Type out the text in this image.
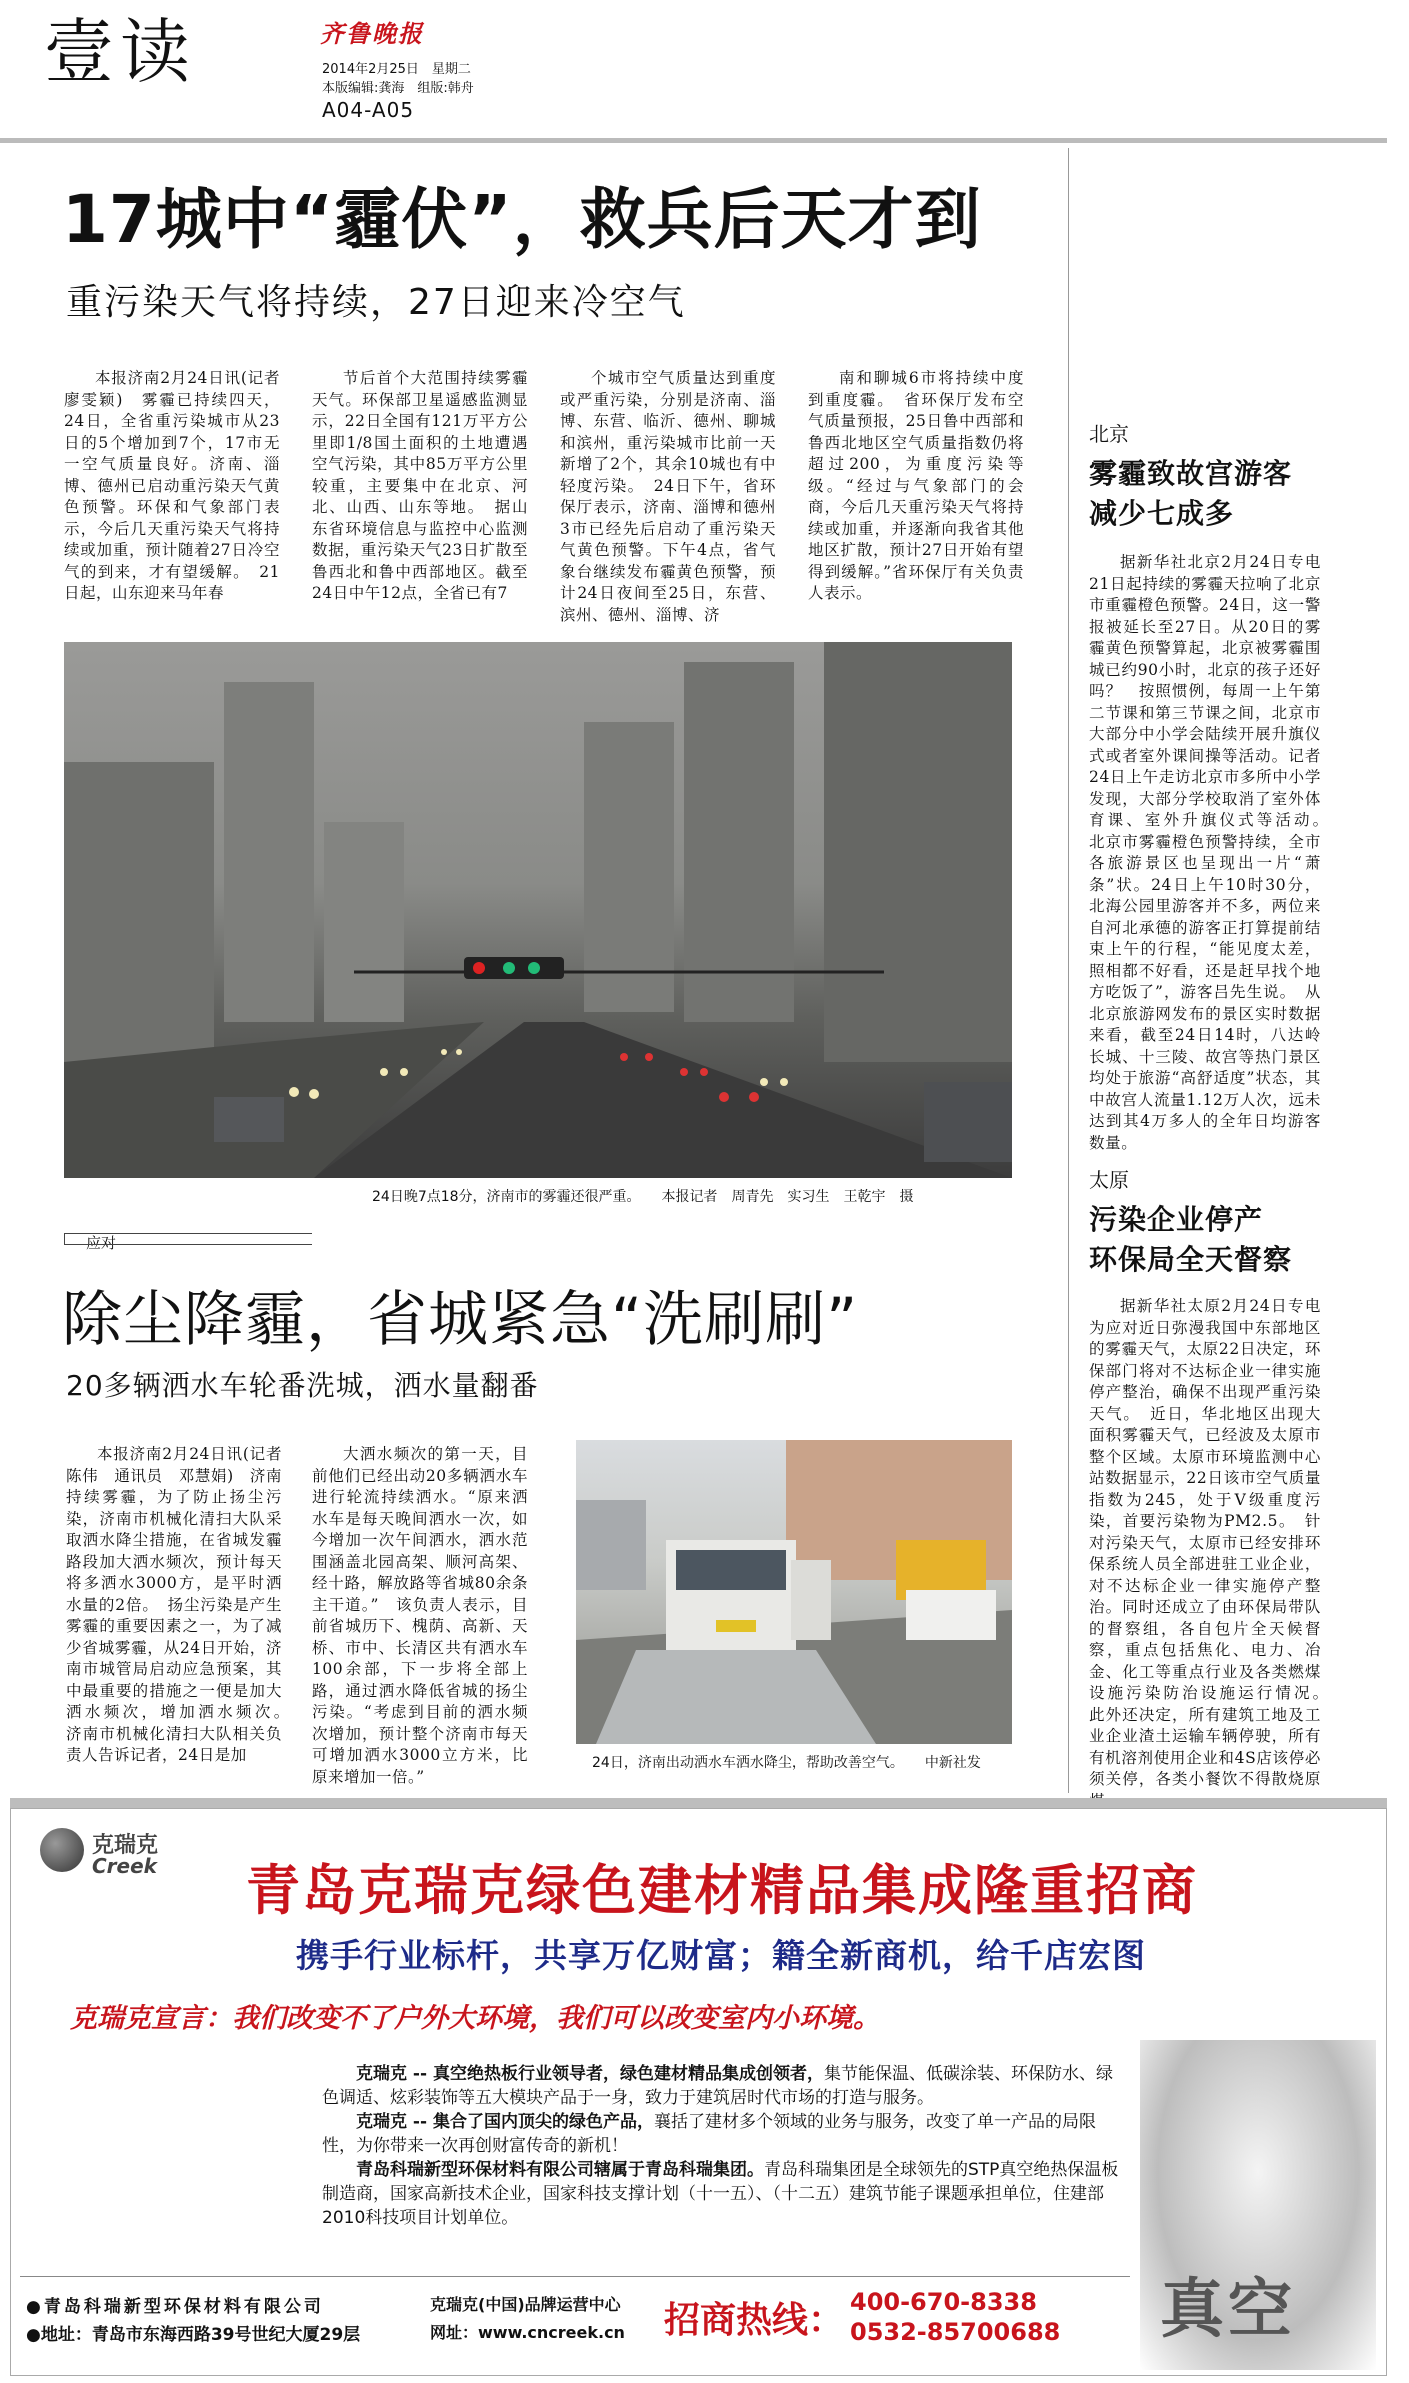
壹读	齐鲁晚报
2014年2月25日　星期二
本版编辑:龚海　组版:韩舟
A04-A05
17城中“霾伏”，救兵后天才到
重污染天气将持续，27日迎来冷空气

本报济南2月24日讯(记者 廖雯颖)　雾霾已持续四天，24日，全省重污染城市从23日的5个增加到7个，17市无一空气质量良好。济南、淄博、德州已启动重污染天气黄色预警。环保和气象部门表示，今后几天重污染天气将持续或加重，预计随着27日冷空气的到来，才有望缓解。　21日起，山东迎来马年春

节后首个大范围持续雾霾天气。环保部卫星遥感监测显示，22日全国有121万平方公里即1/8国土面积的土地遭遇空气污染，其中85万平方公里较重，主要集中在北京、河北、山西、山东等地。　据山东省环境信息与监控中心监测数据，重污染天气23日扩散至鲁西北和鲁中西部地区。截至24日中午12点，全省已有7

个城市空气质量达到重度或严重污染，分别是济南、淄博、东营、临沂、德州、聊城和滨州，重污染城市比前一天新增了2个，其余10城也有中轻度污染。　24日下午，省环保厅表示，济南、淄博和德州3市已经先后启动了重污染天气黄色预警。下午4点，省气象台继续发布霾黄色预警，预计24日夜间至25日，东营、滨州、德州、淄博、济

南和聊城6市将持续中度到重度霾。　省环保厅发布空气质量预报，25日鲁中西部和鲁西北地区空气质量指数仍将超过200，为重度污染等级。“经过与气象部门的会商，今后几天重污染天气将持续或加重，并逐渐向我省其他地区扩散，预计27日开始有望得到缓解。”省环保厅有关负责人表示。

24日晚7点18分，济南市的雾霾还很严重。　　本报记者　周青先　实习生　王乾宇　摄
应对
除尘降霾，省城紧急“洗刷刷”
20多辆洒水车轮番洗城，洒水量翻番

本报济南2月24日讯(记者 陈伟　通讯员　邓慧娟)　济南持续雾霾，为了防止扬尘污染，济南市机械化清扫大队采取洒水降尘措施，在省城发霾路段加大洒水频次，预计每天将多洒水3000方，是平时洒水量的2倍。　扬尘污染是产生雾霾的重要因素之一，为了减少省城雾霾，从24日开始，济南市城管局启动应急预案，其中最重要的措施之一便是加大洒水频次，增加洒水频次。　济南市机械化清扫大队相关负责人告诉记者，24日是加

大洒水频次的第一天，目前他们已经出动20多辆洒水车进行轮流持续洒水。“原来洒水车是每天晚间洒水一次，如今增加一次午间洒水，洒水范围涵盖北园高架、顺河高架、经十路，解放路等省城80余条主干道。”　该负责人表示，目前省城历下、槐荫、高新、天桥、市中、长清区共有洒水车100余部，下一步将全部上路，通过洒水降低省城的扬尘污染。“考虑到目前的洒水频次增加，预计整个济南市每天可增加洒水3000立方米，比原来增加一倍。”

24日，济南出动洒水车洒水降尘，帮助改善空气。　　中新社发
北京
雾霾致故宫游客
减少七成多

据新华社北京2月24日专电　21日起持续的雾霾天拉响了北京市重霾橙色预警。24日，这一警报被延长至27日。从20日的雾霾黄色预警算起，北京被雾霾围城已约90小时，北京的孩子还好吗？　按照惯例，每周一上午第二节课和第三节课之间，北京市大部分中小学会陆续开展升旗仪式或者室外课间操等活动。记者24日上午走访北京市多所中小学发现，大部分学校取消了室外体育课、室外升旗仪式等活动。　北京市雾霾橙色预警持续，全市各旅游景区也呈现出一片“萧条”状。24日上午10时30分，北海公园里游客并不多，两位来自河北承德的游客正打算提前结束上午的行程，“能见度太差，照相都不好看，还是赶早找个地方吃饭了”，游客吕先生说。　从北京旅游网发布的景区实时数据来看，截至24日14时，八达岭长城、十三陵、故宫等热门景区均处于旅游“高舒适度”状态，其中故宫人流量1.12万人次，远未达到其4万多人的全年日均游客数量。

太原
污染企业停产
环保局全天督察

据新华社太原2月24日专电　为应对近日弥漫我国中东部地区的雾霾天气，太原22日决定，环保部门将对不达标企业一律实施停产整治，确保不出现严重污染天气。　近日，华北地区出现大面积雾霾天气，已经波及太原市整个区域。太原市环境监测中心站数据显示，22日该市空气质量指数为245，处于V级重度污染，首要污染物为PM2.5。　针对污染天气，太原市已经安排环保系统人员全部进驻工业企业，对不达标企业一律实施停产整治。同时还成立了由环保局带队的督察组，各自包片全天候督察，重点包括焦化、电力、冶金、化工等重点行业及各类燃煤设施污染防治设施运行情况。　此外还决定，所有建筑工地及工业企业渣土运输车辆停驶，所有有机溶剂使用企业和4S店该停必须关停，各类小餐饮不得散烧原

克瑞克
Creek 青岛克瑞克绿色建材精品集成隆重招商
携手行业标杆，共享万亿财富；籍全新商机，给千店宏图
克瑞克宣言：我们改变不了户外大环境，我们可以改变室内小环境。
克瑞克 -- 真空绝热板行业领导者，绿色建材精品集成创领者，集节能保温、低碳涂装、环保防水、绿色调适、炫彩装饰等五大模块产品于一身，致力于建筑居时代市场的打造与服务。
克瑞克 -- 集合了国内顶尖的绿色产品，襄括了建材多个领域的业务与服务，改变了单一产品的局限性，为你带来一次再创财富传奇的新机！
青岛科瑞新型环保材料有限公司辖属于青岛科瑞集团。青岛科瑞集团是全球领先的STP真空绝热保温板制造商，国家高新技术企业，国家科技支撑计划（十一五）、（十二五）建筑节能子课题承担单位，住建部2010科技项目计划单位。
真空
●青岛科瑞新型环保材料有限公司
●地址：青岛市东海西路39号世纪大厦29层
克瑞克(中国)品牌运营中心
网址：www.cncreek.cn 招商热线： 400-670-8338
0532-85700688
